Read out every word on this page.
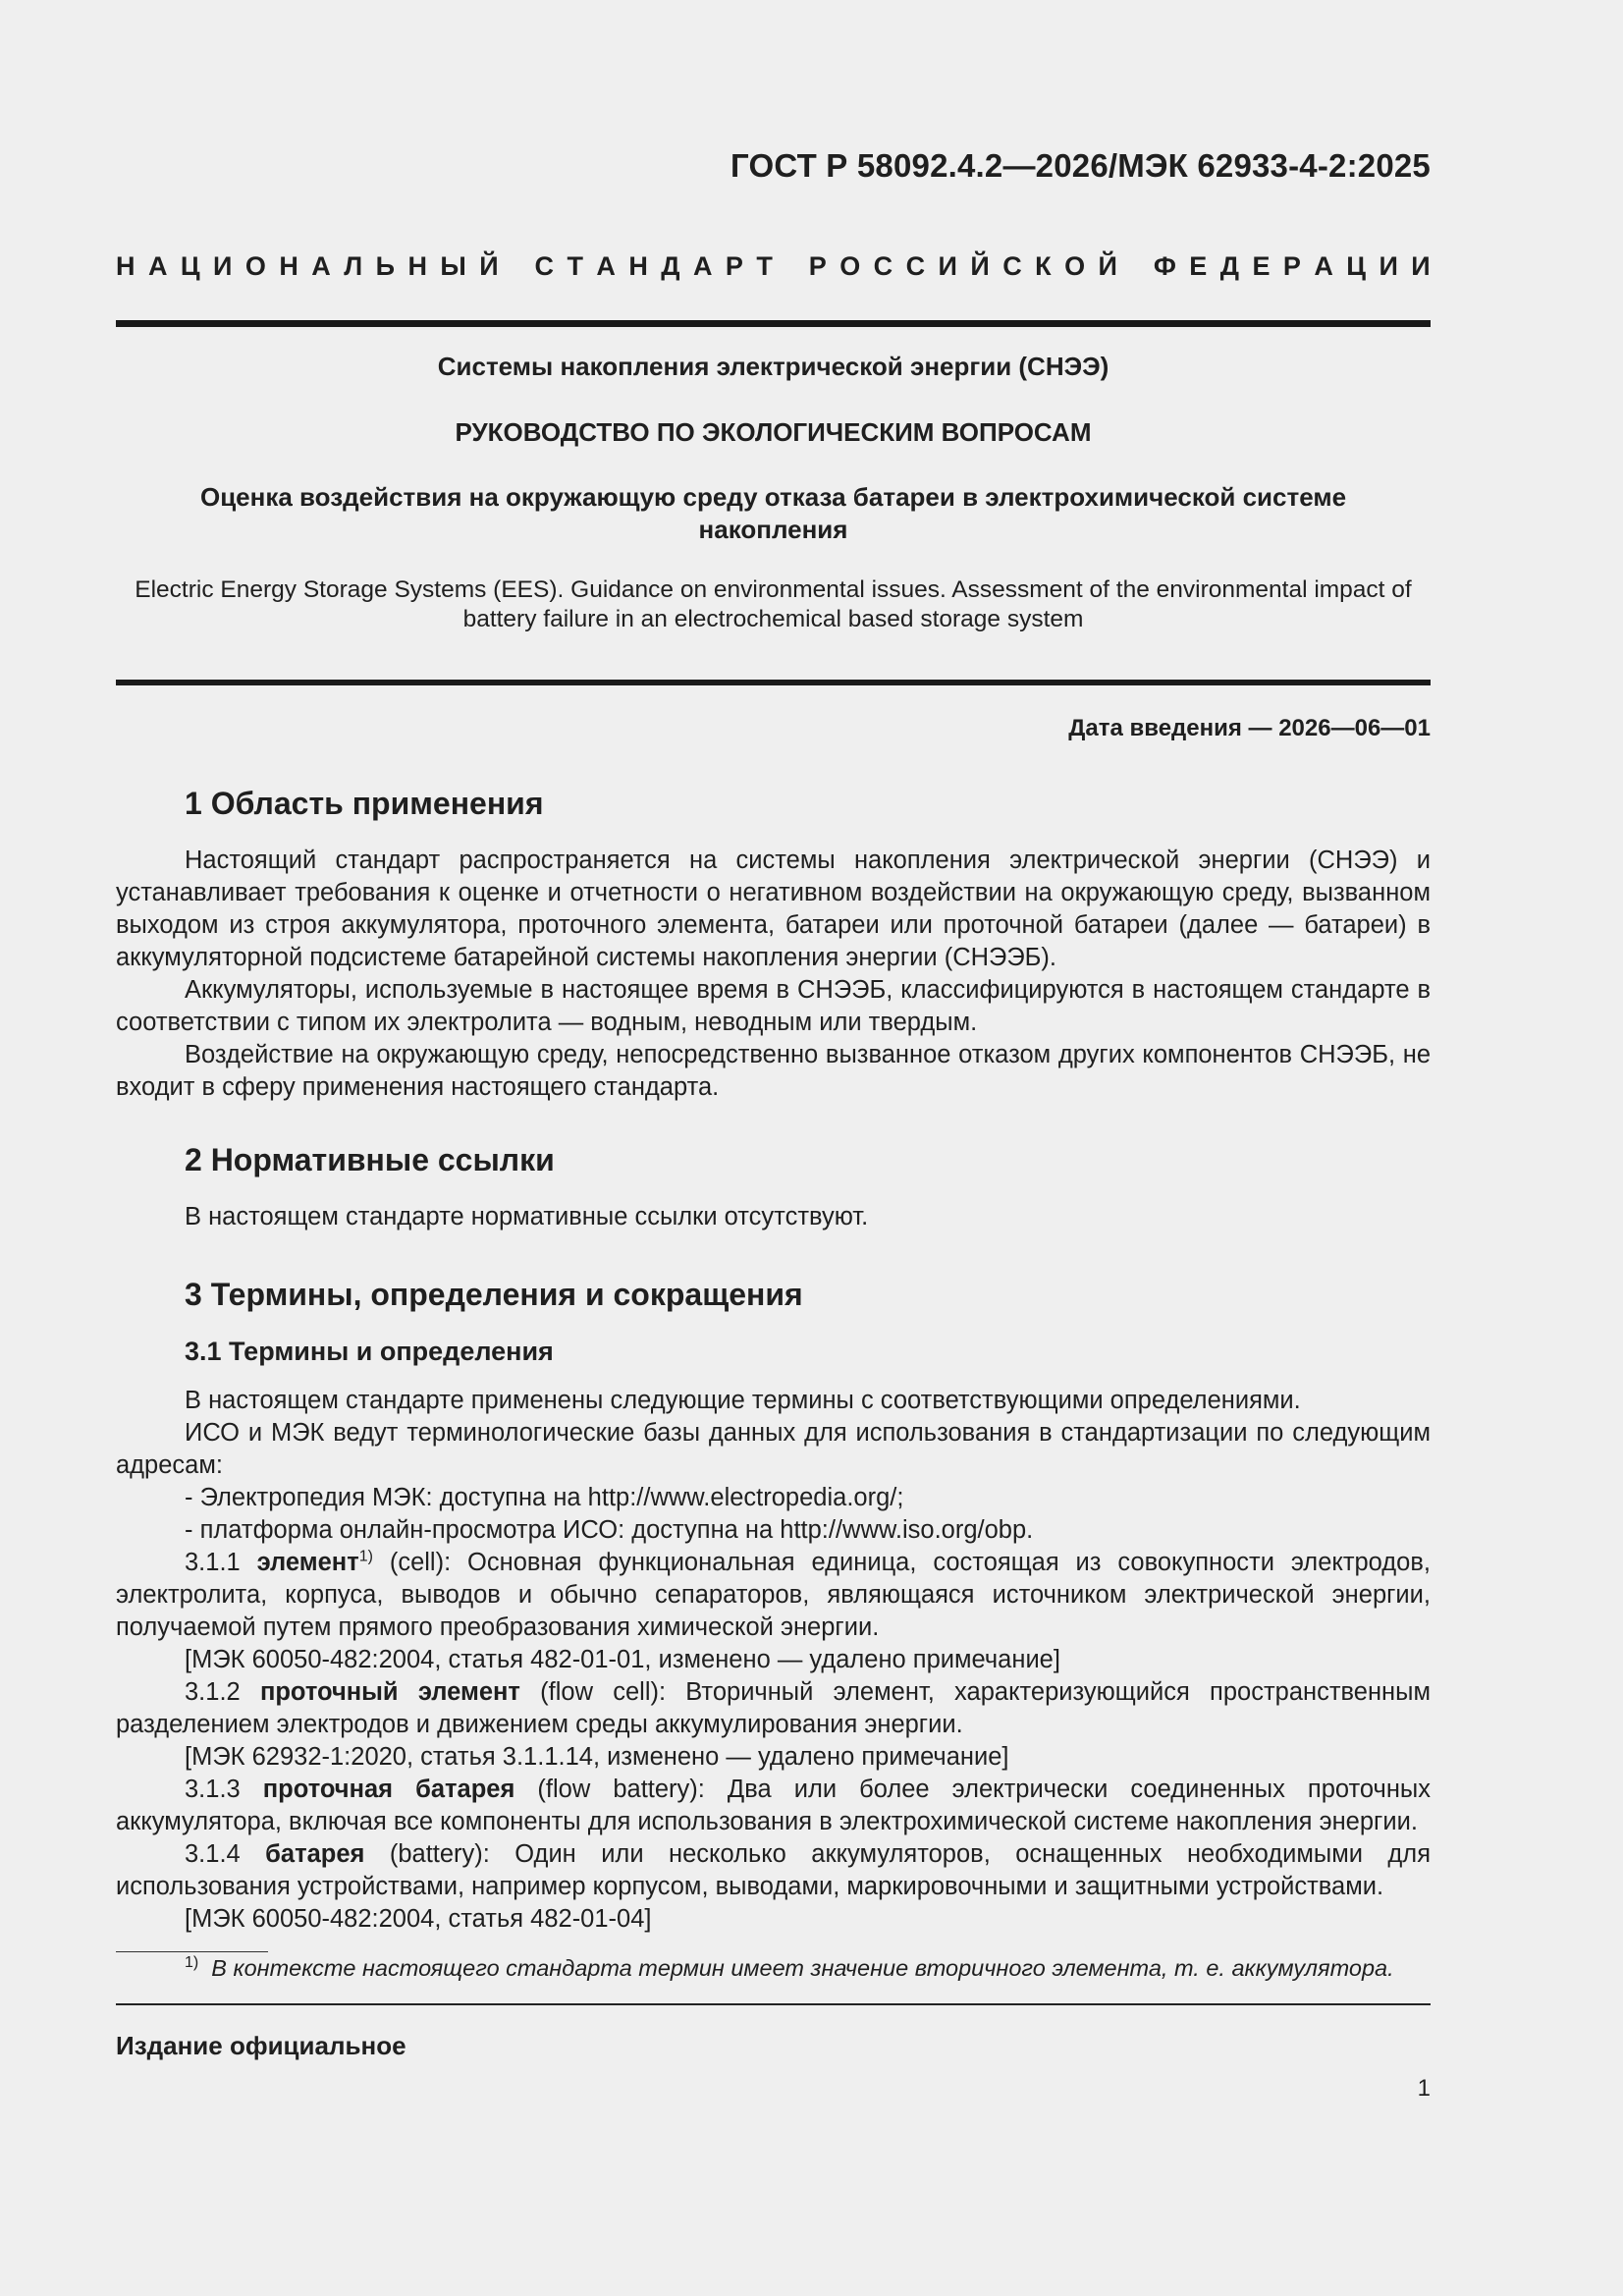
ГОСТ Р 58092.4.2—2026/МЭК 62933-4-2:2025
Н А Ц И О Н А Л Ь Н Ы Й
С Т А Н Д А Р Т
Р О С С И Й С К О Й
Ф Е Д Е Р А Ц И И
Системы накопления электрической энергии (СНЭЭ)
РУКОВОДСТВО ПО ЭКОЛОГИЧЕСКИМ ВОПРОСАМ
Оценка воздействия на окружающую среду отказа батареи в электрохимической системе накопления
Electric Energy Storage Systems (EES). Guidance on environmental issues. Assessment of the environmental impact of battery failure in an electrochemical based storage system
Дата введения — 2026—06—01
1 Область применения

Настоящий стандарт распространяется на системы накопления электрической энергии (СНЭЭ) и устанавливает требования к оценке и отчетности о негативном воздействии на окружающую среду, вызванном выходом из строя аккумулятора, проточного элемента, батареи или проточной батареи (далее — батареи) в аккумуляторной подсистеме батарейной системы накопления энергии (СНЭЭБ).

Аккумуляторы, используемые в настоящее время в СНЭЭБ, классифицируются в настоящем стандарте в соответствии с типом их электролита — водным, неводным или твердым.

Воздействие на окружающую среду, непосредственно вызванное отказом других компонентов СНЭЭБ, не входит в сферу применения настоящего стандарта.

2 Нормативные ссылки

В настоящем стандарте нормативные ссылки отсутствуют.

3 Термины, определения и сокращения
3.1 Термины и определения

В настоящем стандарте применены следующие термины с соответствующими определениями.

ИСО и МЭК ведут терминологические базы данных для использования в стандартизации по следующим адресам:

- Электропедия МЭК: доступна на http://www.electropedia.org/;

- платформа онлайн-просмотра ИСО: доступна на http://www.iso.org/obp.

3.1.1 элемент$^{1)}$ (cell): Основная функциональная единица, состоящая из совокупности электродов, электролита, корпуса, выводов и обычно сепараторов, являющаяся источником электрической энергии, получаемой путем прямого преобразования химической энергии.

[МЭК 60050-482:2004, статья 482-01-01, изменено — удалено примечание]

3.1.2 проточный элемент (flow cell): Вторичный элемент, характеризующийся пространственным разделением электродов и движением среды аккумулирования энергии.

[МЭК 62932-1:2020, статья 3.1.1.14, изменено — удалено примечание]

3.1.3 проточная батарея (flow battery): Два или более электрически соединенных проточных аккумулятора, включая все компоненты для использования в электрохимической системе накопления энергии.

3.1.4 батарея (battery): Один или несколько аккумуляторов, оснащенных необходимыми для использования устройствами, например корпусом, выводами, маркировочными и защитными устройствами.

[МЭК 60050-482:2004, статья 482-01-04]

$^{1)}$ В контексте настоящего стандарта термин имеет значение вторичного элемента, т. е. аккумулятора.
Издание официальное
1
